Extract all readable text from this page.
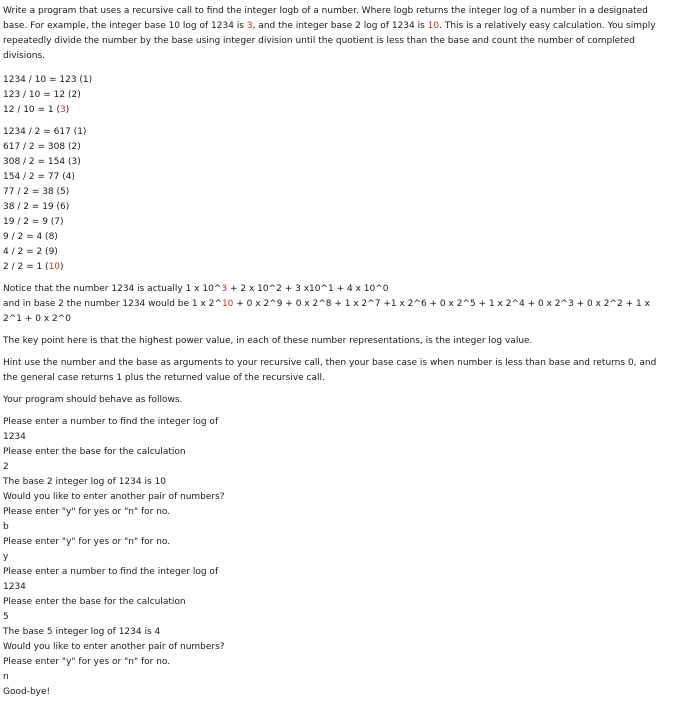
Write a program that uses a recursive call to find the integer logb of a number. Where logb returns the integer log of a number in a designated base. For example, the integer base 10 log of 1234 is 3, and the integer base 2 log of 1234 is 10. This is a relatively easy calculation. You simply repeatedly divide the number by the base using integer division until the quotient is less than the base and count the number of completed divisions.

1234 / 10 = 123 (1)
123 / 10 = 12 (2)
12 / 10 = 1 (3)
1234 / 2 = 617 (1)
617 / 2 = 308 (2)
308 / 2 = 154 (3)
154 / 2 = 77 (4)
77 / 2 = 38 (5)
38 / 2 = 19 (6)
19 / 2 = 9 (7)
9 / 2 = 4 (8)
4 / 2 = 2 (9)
2 / 2 = 1 (10)

Notice that the number 1234 is actually 1 x 10^3 + 2 x 10^2 + 3 x10^1 + 4 x 10^0
and in base 2 the number 1234 would be 1 x 2^10 + 0 x 2^9 + 0 x 2^8 + 1 x 2^7 +1 x 2^6 + 0 x 2^5 + 1 x 2^4 + 0 x 2^3 + 0 x 2^2 + 1 x 2^1 + 0 x 2^0

The key point here is that the highest power value, in each of these number representations, is the integer log value.

Hint use the number and the base as arguments to your recursive call, then your base case is when number is less than base and returns 0, and the general case returns 1 plus the returned value of the recursive call.

Your program should behave as follows.

Please enter a number to find the integer log of
1234
Please enter the base for the calculation
2
The base 2 integer log of 1234 is 10
Would you like to enter another pair of numbers?
Please enter "y" for yes or "n" for no.
b
Please enter "y" for yes or "n" for no.
y
Please enter a number to find the integer log of
1234
Please enter the base for the calculation
5
The base 5 integer log of 1234 is 4
Would you like to enter another pair of numbers?
Please enter "y" for yes or "n" for no.
n
Good-bye!
